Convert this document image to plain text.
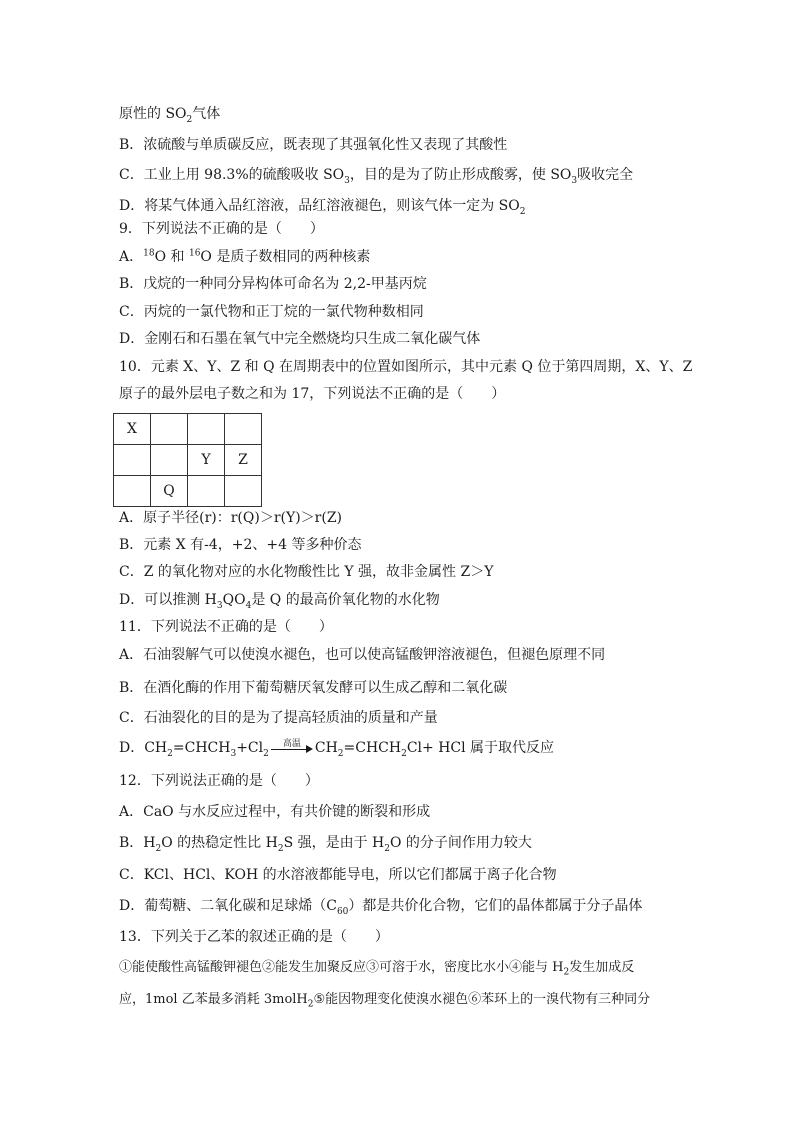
原性的 $SO_2$气体
B．浓硫酸与单质碳反应，既表现了其强氧化性又表现了其酸性
C．工业上用 98.3%的硫酸吸收 $SO_3$，目的是为了防止形成酸雾，使 $SO_3$吸收完全
D．将某气体通入品红溶液，品红溶液褪色，则该气体一定为 $SO_2$
9．下列说法不正确的是（　　）
A．$^{18}$O 和 $^{16}$O 是质子数相同的两种核素
B．戊烷的一种同分异构体可命名为 2,2-甲基丙烷
C．丙烷的一氯代物和正丁烷的一氯代物种数相同
D．金刚石和石墨在氧气中完全燃烧均只生成二氧化碳气体
10．元素 X、Y、Z 和 Q 在周期表中的位置如图所示，其中元素 Q 位于第四周期，X、Y、Z
原子的最外层电子数之和为 17，下列说法不正确的是（　　）
X			
		Y	Z
	Q		
A．原子半径(r)：r(Q)＞r(Y)＞r(Z)
B．元素 X 有-4，+2、+4 等多种价态
C．Z 的氧化物对应的水化物酸性比 Y 强，故非金属性 Z＞Y
D．可以推测 $H_3QO_4$是 Q 的最高价氧化物的水化物
11．下列说法不正确的是（　　）
A．石油裂解气可以使溴水褪色，也可以使高锰酸钾溶液褪色，但褪色原理不同
B．在酒化酶的作用下葡萄糖厌氧发酵可以生成乙醇和二氧化碳
C．石油裂化的目的是为了提高轻质油的质量和产量
D．$CH_2=CHCH_3+Cl_2$
高温	$CH_2=CHCH_2Cl+$ HCl 属于取代反应
12．下列说法正确的是（　　）
A．CaO 与水反应过程中，有共价键的断裂和形成
B．$H_2O$ 的热稳定性比 $H_2S$ 强，是由于 $H_2O$ 的分子间作用力较大
C．KCl、HCl、KOH 的水溶液都能导电，所以它们都属于离子化合物
D．葡萄糖、二氧化碳和足球烯$(C_{60})$都是共价化合物，它们的晶体都属于分子晶体
13．下列关于乙苯的叙述正确的是（　　）
①能使酸性高锰酸钾褪色②能发生加聚反应③可溶于水，密度比水小④能与 $H_2$发生加成反
应，1mol 乙苯最多消耗 3molH$_2$⑤能因物理变化使溴水褪色⑥苯环上的一溴代物有三种同分
